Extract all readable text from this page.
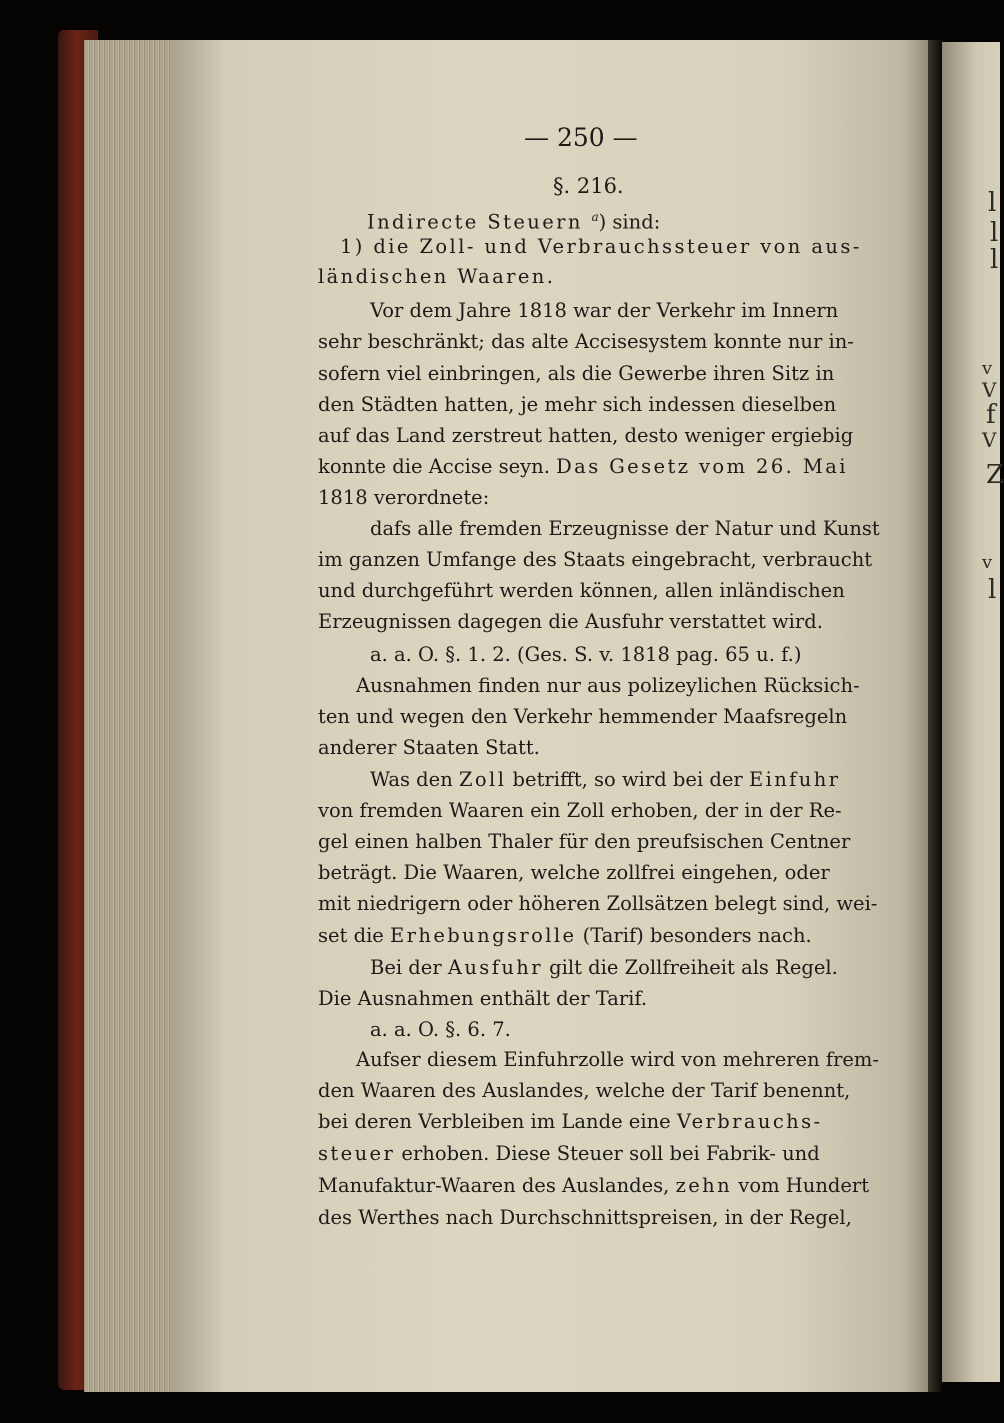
l
l
l
v
V
f
V
Z
v
l
— 250 —
§. 216.
Indirecte Steuern $^a$) sind:
1) die Zoll- und Verbrauchssteuer von aus-
ländischen Waaren.
Vor dem Jahre 1818 war der Verkehr im Innern
sehr beschränkt; das alte Accisesystem konnte nur in-
sofern viel einbringen, als die Gewerbe ihren Sitz in
den Städten hatten, je mehr sich indessen dieselben
auf das Land zerstreut hatten, desto weniger ergiebig
konnte die Accise seyn. Das Gesetz vom 26. Mai
1818 verordnete:
dafs alle fremden Erzeugnisse der Natur und Kunst
im ganzen Umfange des Staats eingebracht, verbraucht
und durchgeführt werden können, allen inländischen
Erzeugnissen dagegen die Ausfuhr verstattet wird.
a. a. O. §. 1. 2. (Ges. S. v. 1818 pag. 65 u. f.)
Ausnahmen finden nur aus polizeylichen Rücksich-
ten und wegen den Verkehr hemmender Maafsregeln
anderer Staaten Statt.
Was den Zoll betrifft, so wird bei der Einfuhr
von fremden Waaren ein Zoll erhoben, der in der Re-
gel einen halben Thaler für den preufsischen Centner
beträgt. Die Waaren, welche zollfrei eingehen, oder
mit niedrigern oder höheren Zollsätzen belegt sind, wei-
set die Erhebungsrolle (Tarif) besonders nach.
Bei der Ausfuhr gilt die Zollfreiheit als Regel.
Die Ausnahmen enthält der Tarif.
a. a. O. §. 6. 7.
Aufser diesem Einfuhrzolle wird von mehreren frem-
den Waaren des Auslandes, welche der Tarif benennt,
bei deren Verbleiben im Lande eine Verbrauchs-
steuer erhoben. Diese Steuer soll bei Fabrik- und
Manufaktur-Waaren des Auslandes, zehn vom Hundert
des Werthes nach Durchschnittspreisen, in der Regel,
